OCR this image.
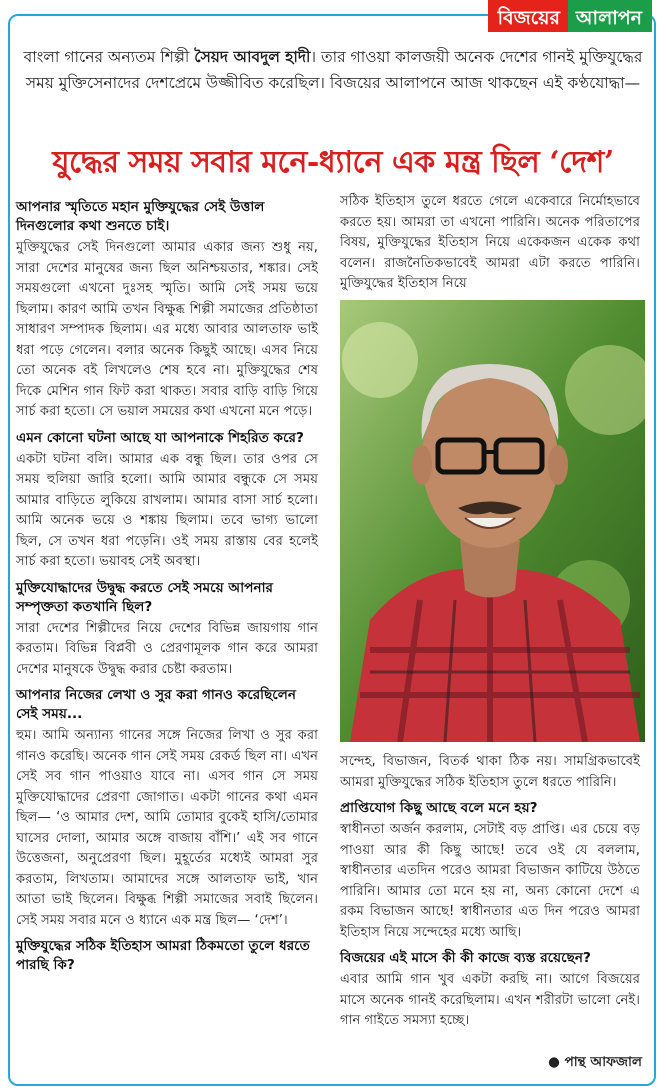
বিজয়ের আলাপন
বাংলা গানের অন্যতম শিল্পী সৈয়দ আবদুল হাদী। তার গাওয়া কালজয়ী অনেক দেশের গানই মুক্তিযুদ্ধের সময় মুক্তিসেনাদের দেশপ্রেমে উজ্জীবিত করেছিল। বিজয়ের আলাপনে আজ থাকছেন এই কণ্ঠযোদ্ধা—
যুদ্ধের সময় সবার মনে-ধ্যানে এক মন্ত্র ছিল ‘দেশ’
আপনার স্মৃতিতে মহান মুক্তিযুদ্ধের সেই উত্তাল দিনগুলোর কথা শুনতে চাই।

মুক্তিযুদ্ধের সেই দিনগুলো আমার একার জন্য শুধু নয়, সারা দেশের মানুষের জন্য ছিল অনিশ্চয়তার, শঙ্কার। সেই সময়গুলো এখনো দুঃসহ স্মৃতি। আমি সেই সময় ভয়ে ছিলাম। কারণ আমি তখন বিক্ষুব্ধ শিল্পী সমাজের প্রতিষ্ঠাতা সাধারণ সম্পাদক ছিলাম। এর মধ্যে আবার আলতাফ ভাই ধরা পড়ে গেলেন। বলার অনেক কিছুই আছে। এসব নিয়ে তো অনেক বই লিখলেও শেষ হবে না। মুক্তিযুদ্ধের শেষ দিকে মেশিন গান ফিট করা থাকত। সবার বাড়ি বাড়ি গিয়ে সার্চ করা হতো। সে ভয়াল সময়ের কথা এখনো মনে পড়ে।

এমন কোনো ঘটনা আছে যা আপনাকে শিহরিত করে?

একটা ঘটনা বলি। আমার এক বন্ধু ছিল। তার ওপর সে সময় হুলিয়া জারি হলো। আমি আমার বন্ধুকে সে সময় আমার বাড়িতে লুকিয়ে রাখলাম। আমার বাসা সার্চ হলো। আমি অনেক ভয়ে ও শঙ্কায় ছিলাম। তবে ভাগ্য ভালো ছিল, সে তখন ধরা পড়েনি। ওই সময় রাস্তায় বের হলেই সার্চ করা হতো। ভয়াবহ সেই অবস্থা।

মুক্তিযোদ্ধাদের উদ্বুদ্ধ করতে সেই সময়ে আপনার সম্পৃক্ততা কতখানি ছিল?

সারা দেশের শিল্পীদের নিয়ে দেশের বিভিন্ন জায়গায় গান করতাম। বিভিন্ন বিপ্লবী ও প্রেরণামূলক গান করে আমরা দেশের মানুষকে উদ্বুদ্ধ করার চেষ্টা করতাম।

আপনার নিজের লেখা ও সুর করা গানও করেছিলেন সেই সময়...

হুম। আমি অন্যান্য গানের সঙ্গে নিজের লিখা ও সুর করা গানও করেছি। অনেক গান সেই সময় রেকর্ড ছিল না। এখন সেই সব গান পাওয়াও যাবে না। এসব গান সে সময় মুক্তিযোদ্ধাদের প্রেরণা জোগাত। একটা গানের কথা এমন ছিল— ‘ও আমার দেশ, আমি তোমার বুকেই হাসি/তোমার ঘাসের দোলা, আমার অঙ্গে বাজায় বাঁশি।’ এই সব গানে উত্তেজনা, অনুপ্রেরণা ছিল। মুহূর্তের মধ্যেই আমরা সুর করতাম, লিখতাম। আমাদের সঙ্গে আলতাফ ভাই, খান আতা ভাই ছিলেন। বিক্ষুব্ধ শিল্পী সমাজের সবাই ছিলেন। সেই সময় সবার মনে ও ধ্যানে এক মন্ত্র ছিল— ‘দেশ’।

মুক্তিযুদ্ধের সঠিক ইতিহাস আমরা ঠিকমতো তুলে ধরতে পারছি কি?

সঠিক ইতিহাস তুলে ধরতে গেলে একেবারে নির্মোহভাবে করতে হয়। আমরা তা এখনো পারিনি। অনেক পরিতাপের বিষয়, মুক্তিযুদ্ধের ইতিহাস নিয়ে একেকজন একেক কথা বলেন। রাজনৈতিকভাবেই আমরা এটা করতে পারিনি। মুক্তিযুদ্ধের ইতিহাস নিয়ে

সন্দেহ, বিভাজন, বিতর্ক থাকা ঠিক নয়। সামগ্রিকভাবেই আমরা মুক্তিযুদ্ধের সঠিক ইতিহাস তুলে ধরতে পারিনি।

প্রাপ্তিযোগ কিছু আছে বলে মনে হয়?

স্বাধীনতা অর্জন করলাম, সেটাই বড় প্রাপ্তি। এর চেয়ে বড় পাওয়া আর কী কিছু আছে! তবে ওই যে বললাম, স্বাধীনতার এতদিন পরেও আমরা বিভাজন কাটিয়ে উঠতে পারিনি। আমার তো মনে হয় না, অন্য কোনো দেশে এ রকম বিভাজন আছে! স্বাধীনতার এত দিন পরেও আমরা ইতিহাস নিয়ে সন্দেহের মধ্যে আছি।

বিজয়ের এই মাসে কী কী কাজে ব্যস্ত রয়েছেন?

এবার আমি গান খুব একটা করছি না। আগে বিজয়ের মাসে অনেক গানই করেছিলাম। এখন শরীরটা ভালো নেই। গান গাইতে সমস্যা হচ্ছে।

● পান্থ আফজাল
